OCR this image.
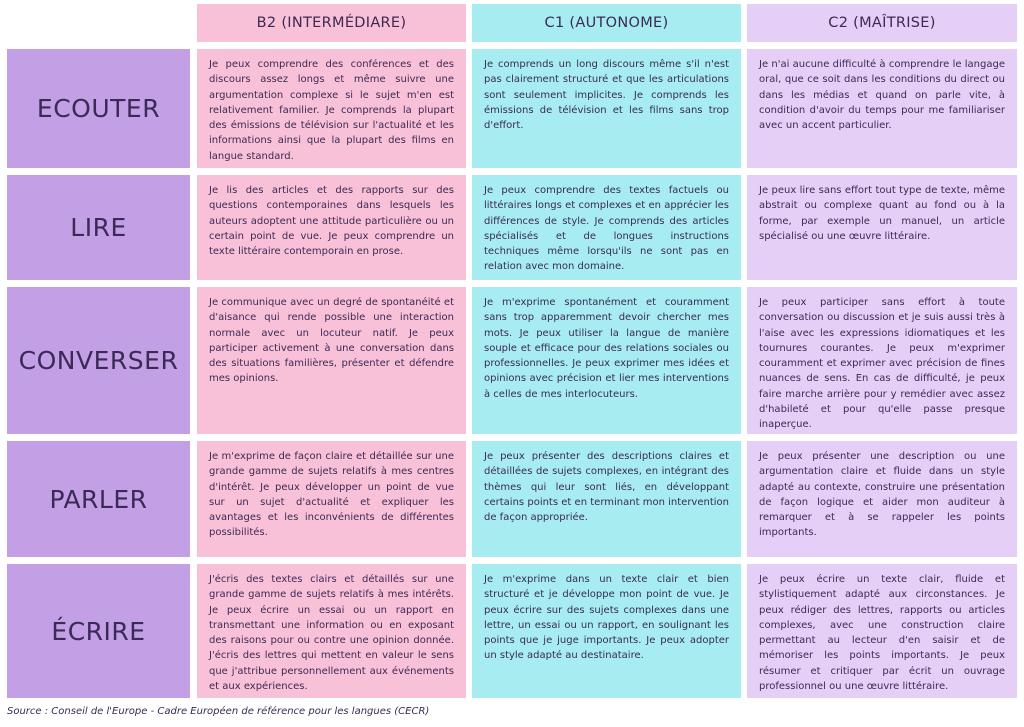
B2 (INTERMÉDIARE)	C1 (AUTONOME)	C2 (MAÎTRISE)
ECOUTER
Je peux comprendre des conférences et des discours assez longs et même suivre une argumentation complexe si le sujet m'en est relativement familier. Je comprends la plupart des émissions de télévision sur l'actualité et les informations ainsi que la plupart des films en langue standard.
Je comprends un long discours même s'il n'est pas clairement structuré et que les articulations sont seulement implicites. Je comprends les émissions de télévision et les films sans trop d'effort.
Je n'ai aucune difficulté à comprendre le langage oral, que ce soit dans les conditions du direct ou dans les médias et quand on parle vite, à condition d'avoir du temps pour me familiariser avec un accent particulier.
LIRE
Je lis des articles et des rapports sur des questions contemporaines dans lesquels les auteurs adoptent une attitude particulière ou un certain point de vue. Je peux comprendre un texte littéraire contemporain en prose.
Je peux comprendre des textes factuels ou littéraires longs et complexes et en apprécier les différences de style. Je comprends des articles spécialisés et de longues instructions techniques même lorsqu'ils ne sont pas en relation avec mon domaine.
Je peux lire sans effort tout type de texte, même abstrait ou complexe quant au fond ou à la forme, par exemple un manuel, un article spécialisé ou une œuvre littéraire.
CONVERSER
Je communique avec un degré de spontanéité et d'aisance qui rende possible une interaction normale avec un locuteur natif. Je peux participer activement à une conversation dans des situations familières, présenter et défendre mes opinions.
Je m'exprime spontanément et couramment sans trop apparemment devoir chercher mes mots. Je peux utiliser la langue de manière souple et efficace pour des relations sociales ou professionnelles. Je peux exprimer mes idées et opinions avec précision et lier mes interventions à celles de mes interlocuteurs.
Je peux participer sans effort à toute conversation ou discussion et je suis aussi très à l'aise avec les expressions idiomatiques et les tournures courantes. Je peux m'exprimer couramment et exprimer avec précision de fines nuances de sens. En cas de difficulté, je peux faire marche arrière pour y remédier avec assez d'habileté et pour qu'elle passe presque inaperçue.
PARLER
Je m'exprime de façon claire et détaillée sur une grande gamme de sujets relatifs à mes centres d'intérêt. Je peux développer un point de vue sur un sujet d'actualité et expliquer les avantages et les inconvénients de différentes possibilités.
Je peux présenter des descriptions claires et détaillées de sujets complexes, en intégrant des thèmes qui leur sont liés, en développant certains points et en terminant mon intervention de façon appropriée.
Je peux présenter une description ou une argumentation claire et fluide dans un style adapté au contexte, construire une présentation de façon logique et aider mon auditeur à remarquer et à se rappeler les points importants.
ÉCRIRE
J'écris des textes clairs et détaillés sur une grande gamme de sujets relatifs à mes intérêts. Je peux écrire un essai ou un rapport en transmettant une information ou en exposant des raisons pour ou contre une opinion donnée. J'écris des lettres qui mettent en valeur le sens que j'attribue personnellement aux événements et aux expériences.
Je m'exprime dans un texte clair et bien structuré et je développe mon point de vue. Je peux écrire sur des sujets complexes dans une lettre, un essai ou un rapport, en soulignant les points que je juge importants. Je peux adopter un style adapté au destinataire.
Je peux écrire un texte clair, fluide et stylistiquement adapté aux circonstances. Je peux rédiger des lettres, rapports ou articles complexes, avec une construction claire permettant au lecteur d'en saisir et de mémoriser les points importants. Je peux résumer et critiquer par écrit un ouvrage professionnel ou une œuvre littéraire.
Source : Conseil de l'Europe - Cadre Européen de référence pour les langues (CECR)
